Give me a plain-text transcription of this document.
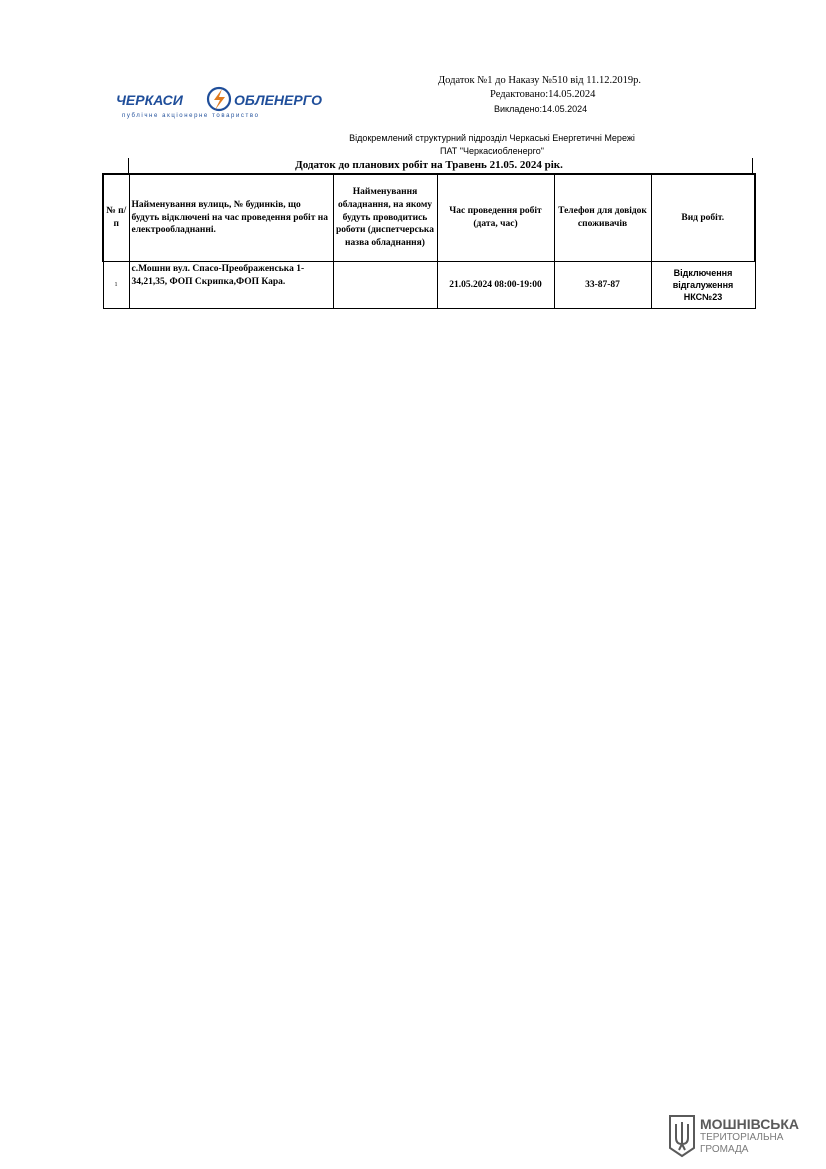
ЧЕРКАСИ	ОБЛЕНЕРГО
публічне акціонерне товариство
Додаток №1 до Наказу №510 від 11.12.2019р.
Редактовано:14.05.2024
Викладено:14.05.2024
Відокремлений структурний підрозділ Черкаські Енергетичні Мережі
ПАТ "Черкасиобленерго"
Додаток до планових робіт на Травень 21.05. 2024 рік.
№ п/п	Найменування вулиць, № будинків, що будуть відключені на час проведення робіт на електрообладнанні.	Найменування обладнання, на якому будуть проводитись роботи (диспетчерська назва обладнання)	Час проведення робіт (дата, час)	Телефон для довідок споживачів	Вид робіт.
1	с.Мошни вул. Спасо-Преображенська 1-34,21,35, ФОП Скрипка,ФОП Кара.		21.05.2024 08:00-19:00	33-87-87	Відключення відгалуження НКС№23
МОШНІВСЬКА
ТЕРИТОРІАЛЬНА
ГРОМАДА
